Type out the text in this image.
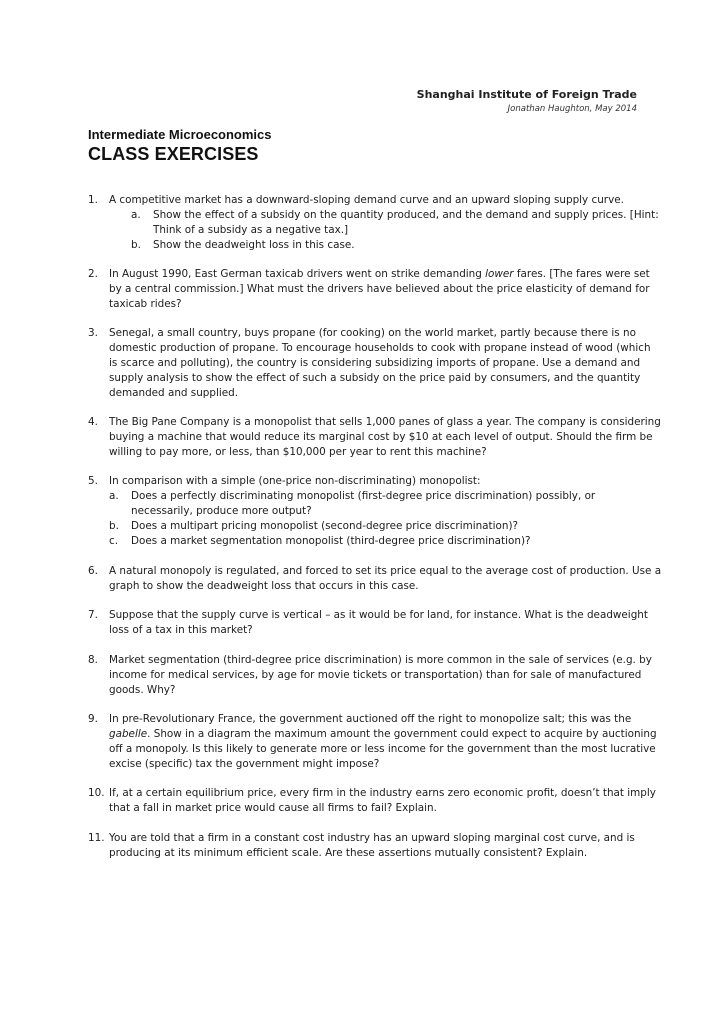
Shanghai Institute of Foreign Trade
Jonathan Haughton, May 2014
Intermediate Microeconomics
CLASS EXERCISES
1. A competitive market has a downward-sloping demand curve and an upward sloping supply curve.
a. Show the effect of a subsidy on the quantity produced, and the demand and supply prices. [Hint:
Think of a subsidy as a negative tax.]
b. Show the deadweight loss in this case.
2. In August 1990, East German taxicab drivers went on strike demanding lower fares. [The fares were set
by a central commission.] What must the drivers have believed about the price elasticity of demand for
taxicab rides?
3. Senegal, a small country, buys propane (for cooking) on the world market, partly because there is no
domestic production of propane. To encourage households to cook with propane instead of wood (which
is scarce and polluting), the country is considering subsidizing imports of propane. Use a demand and
supply analysis to show the effect of such a subsidy on the price paid by consumers, and the quantity
demanded and supplied.
4. The Big Pane Company is a monopolist that sells 1,000 panes of glass a year. The company is considering
buying a machine that would reduce its marginal cost by $10 at each level of output. Should the firm be
willing to pay more, or less, than $10,000 per year to rent this machine?
5. In comparison with a simple (one-price non-discriminating) monopolist:
a. Does a perfectly discriminating monopolist (first-degree price discrimination) possibly, or
necessarily, produce more output?
b. Does a multipart pricing monopolist (second-degree price discrimination)?
c. Does a market segmentation monopolist (third-degree price discrimination)?
6. A natural monopoly is regulated, and forced to set its price equal to the average cost of production. Use a
graph to show the deadweight loss that occurs in this case.
7. Suppose that the supply curve is vertical – as it would be for land, for instance. What is the deadweight
loss of a tax in this market?
8. Market segmentation (third-degree price discrimination) is more common in the sale of services (e.g. by
income for medical services, by age for movie tickets or transportation) than for sale of manufactured
goods. Why?
9. In pre-Revolutionary France, the government auctioned off the right to monopolize salt; this was the
gabelle. Show in a diagram the maximum amount the government could expect to acquire by auctioning
off a monopoly. Is this likely to generate more or less income for the government than the most lucrative
excise (specific) tax the government might impose?
10. If, at a certain equilibrium price, every firm in the industry earns zero economic profit, doesn’t that imply
that a fall in market price would cause all firms to fail? Explain.
11. You are told that a firm in a constant cost industry has an upward sloping marginal cost curve, and is
producing at its minimum efficient scale. Are these assertions mutually consistent? Explain.
